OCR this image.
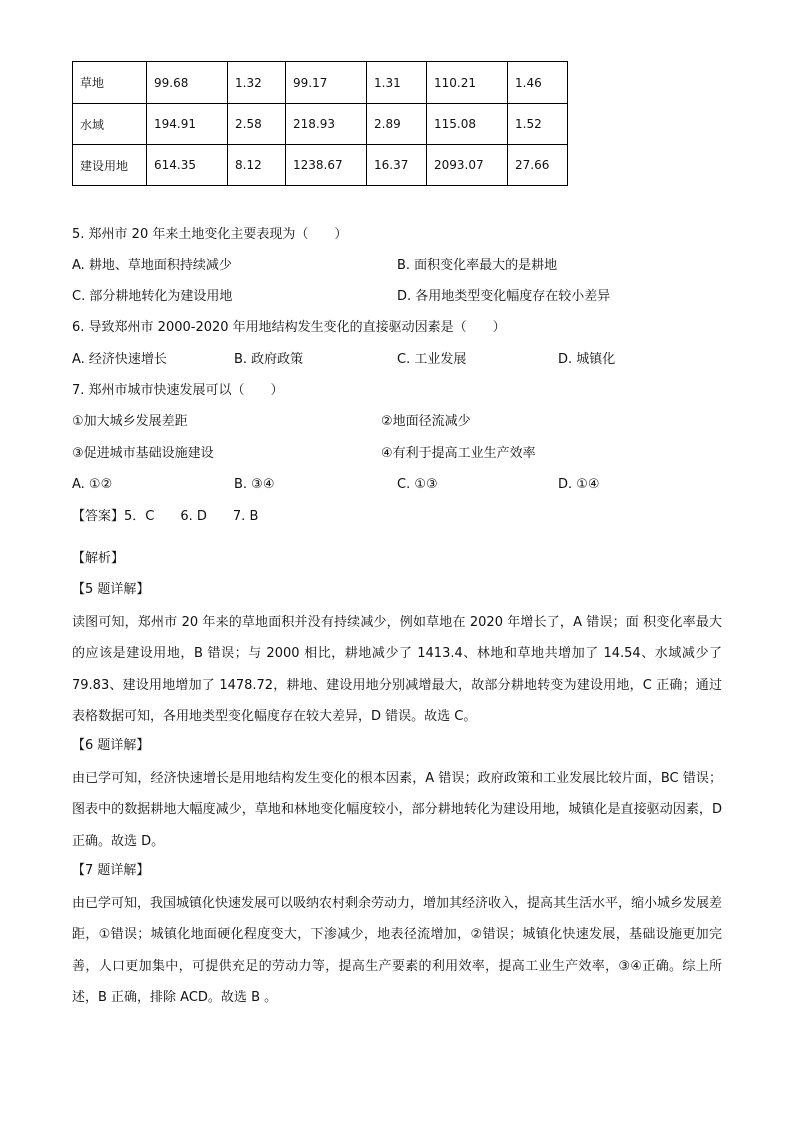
草地	99.68	1.32	99.17	1.31	110.21	1.46
水域	194.91	2.58	218.93	2.89	115.08	1.52
建设用地	614.35	8.12	1238.67	16.37	2093.07	27.66
5. 郑州市 20 年来土地变化主要表现为（　　）
A. 耕地、草地面积持续减少	B. 面积变化率最大的是耕地
C. 部分耕地转化为建设用地	D. 各用地类型变化幅度存在较小差异
6. 导致郑州市 2000-2020 年用地结构发生变化的直接驱动因素是（　　）
A. 经济快速增长	B. 政府政策	C. 工业发展	D. 城镇化
7. 郑州市城市快速发展可以（　　）
①加大城乡发展差距	②地面径流减少
③促进城市基础设施建设	④有利于提高工业生产效率
A. ①②	B. ③④	C. ①③	D. ①④
【答案】5．C　　6. D　　7. B
【解析】
【5 题详解】
读图可知，郑州市 20 年来的草地面积并没有持续减少，例如草地在 2020 年增长了，A 错误；面 积变化率最大的应该是建设用地，B 错误；与 2000 相比，耕地减少了 1413.4、林地和草地共增加了 14.54、水域减少了 79.83、建设用地增加了 1478.72，耕地、建设用地分别减增最大，故部分耕地转变为建设用地，C 正确；通过表格数据可知，各用地类型变化幅度存在较大差异，D 错误。故选 C。
【6 题详解】
由已学可知，经济快速增长是用地结构发生变化的根本因素，A 错误；政府政策和工业发展比较片面，BC 错误；图表中的数据耕地大幅度减少，草地和林地变化幅度较小，部分耕地转化为建设用地，城镇化是直接驱动因素，D 正确。故选 D。
【7 题详解】
由已学可知，我国城镇化快速发展可以吸纳农村剩余劳动力，增加其经济收入，提高其生活水平，缩小城乡发展差距，①错误；城镇化地面硬化程度变大，下渗减少，地表径流增加，②错误；城镇化快速发展，基础设施更加完善，人口更加集中，可提供充足的劳动力等，提高生产要素的利用效率，提高工业生产效率，③④正确。综上所述，B 正确，排除 ACD。故选 B 。
